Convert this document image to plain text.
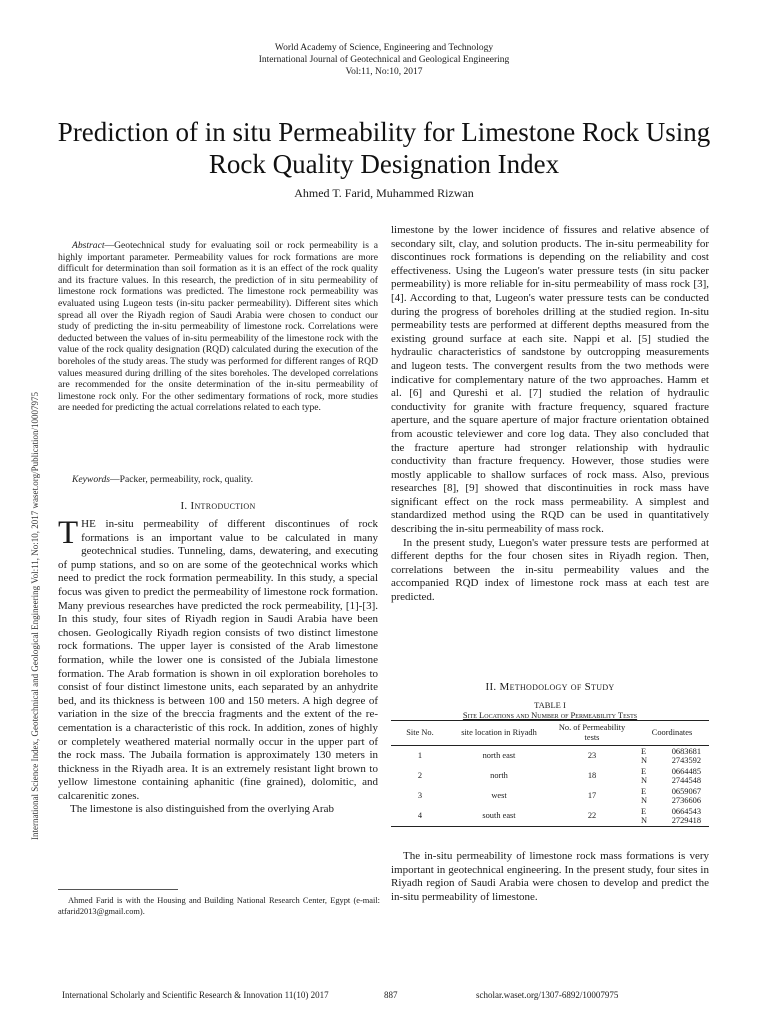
World Academy of Science, Engineering and Technology
International Journal of Geotechnical and Geological Engineering
Vol:11, No:10, 2017
Prediction of in situ Permeability for Limestone Rock Using Rock Quality Designation Index
Ahmed T. Farid, Muhammed Rizwan
International Science Index, Geotechnical and Geological Engineering Vol:11, No:10, 2017 waset.org/Publication/10007975

Abstract—Geotechnical study for evaluating soil or rock permeability is a highly important parameter. Permeability values for rock formations are more difficult for determination than soil formation as it is an effect of the rock quality and its fracture values. In this research, the prediction of in situ permeability of limestone rock formations was predicted. The limestone rock permeability was evaluated using Lugeon tests (in-situ packer permeability). Different sites which spread all over the Riyadh region of Saudi Arabia were chosen to conduct our study of predicting the in-situ permeability of limestone rock. Correlations were deducted between the values of in-situ permeability of the limestone rock with the value of the rock quality designation (RQD) calculated during the execution of the boreholes of the study areas. The study was performed for different ranges of RQD values measured during drilling of the sites boreholes. The developed correlations are recommended for the onsite determination of the in-situ permeability of limestone rock only. For the other sedimentary formations of rock, more studies are needed for predicting the actual correlations related to each type.

Keywords—Packer, permeability, rock, quality.

I. Introduction

THE in-situ permeability of different discontinues of rock formations is an important value to be calculated in many geotechnical studies. Tunneling, dams, dewatering, and executing of pump stations, and so on are some of the geotechnical works which need to predict the rock formation permeability. In this study, a special focus was given to predict the permeability of limestone rock formation. Many previous researches have predicted the rock permeability, [1]-[3]. In this study, four sites of Riyadh region in Saudi Arabia have been chosen. Geologically Riyadh region consists of two distinct limestone rock formations. The upper layer is consisted of the Arab limestone formation, while the lower one is consisted of the Jubiala limestone formation. The Arab formation is shown in oil exploration boreholes to consist of four distinct limestone units, each separated by an anhydrite bed, and its thickness is between 100 and 150 meters. A high degree of variation in the size of the breccia fragments and the extent of the re-cementation is a characteristic of this rock. In addition, zones of highly or completely weathered material normally occur in the upper part of the rock mass. The Jubaila formation is approximately 130 meters in thickness in the Riyadh area. It is an extremely resistant light brown to yellow limestone containing aphanitic (fine grained), dolomitic, and calcarenitic zones.

The limestone is also distinguished from the overlying Arab

Ahmed Farid is with the Housing and Building National Research Center, Egypt (e-mail: atfarid2013@gmail.com).

limestone by the lower incidence of fissures and relative absence of secondary silt, clay, and solution products. The in-situ permeability for discontinues rock formations is depending on the reliability and cost effectiveness. Using the Lugeon's water pressure tests (in situ packer permeability) is more reliable for in-situ permeability of mass rock [3], [4]. According to that, Lugeon's water pressure tests can be conducted during the progress of boreholes drilling at the studied region. In-situ permeability tests are performed at different depths measured from the existing ground surface at each site. Nappi et al. [5] studied the hydraulic characteristics of sandstone by outcropping measurements and lugeon tests. The convergent results from the two methods were indicative for complementary nature of the two approaches. Hamm et al. [6] and Qureshi et al. [7] studied the relation of hydraulic conductivity for granite with fracture frequency, squared fracture aperture, and the square aperture of major fracture orientation obtained from acoustic televiewer and core log data. They also concluded that the fracture aperture had stronger relationship with hydraulic conductivity than fracture frequency. However, those studies were mostly applicable to shallow surfaces of rock mass. Also, previous researches [8], [9] showed that discontinuities in rock mass have significant effect on the rock mass permeability. A simplest and standardized method using the RQD can be used in quantitatively describing the in-situ permeability of mass rock.

In the present study, Luegon's water pressure tests are performed at different depths for the four chosen sites in Riyadh region. Then, correlations between the in-situ permeability values and the accompanied RQD index of limestone rock mass at each test are predicted.

II. Methodology of Study
TABLE I
Site Locations and Number of Permeability Tests
Site No.	site location in Riyadh	No. of Permeability tests	Coordinates
1	north east	23	E 0683681
N 2743592

2	north	18	E 0664485
N 2744548

3	west	17	E 0659067
N 2736606

4	south east	22	E 0664543
N 2729418

The in-situ permeability of limestone rock mass formations is very important in geotechnical engineering. In the present study, four sites in Riyadh region of Saudi Arabia were chosen to develop and predict the in-situ permeability of limestone.

International Scholarly and Scientific Research & Innovation 11(10) 2017	887	scholar.waset.org/1307-6892/10007975
